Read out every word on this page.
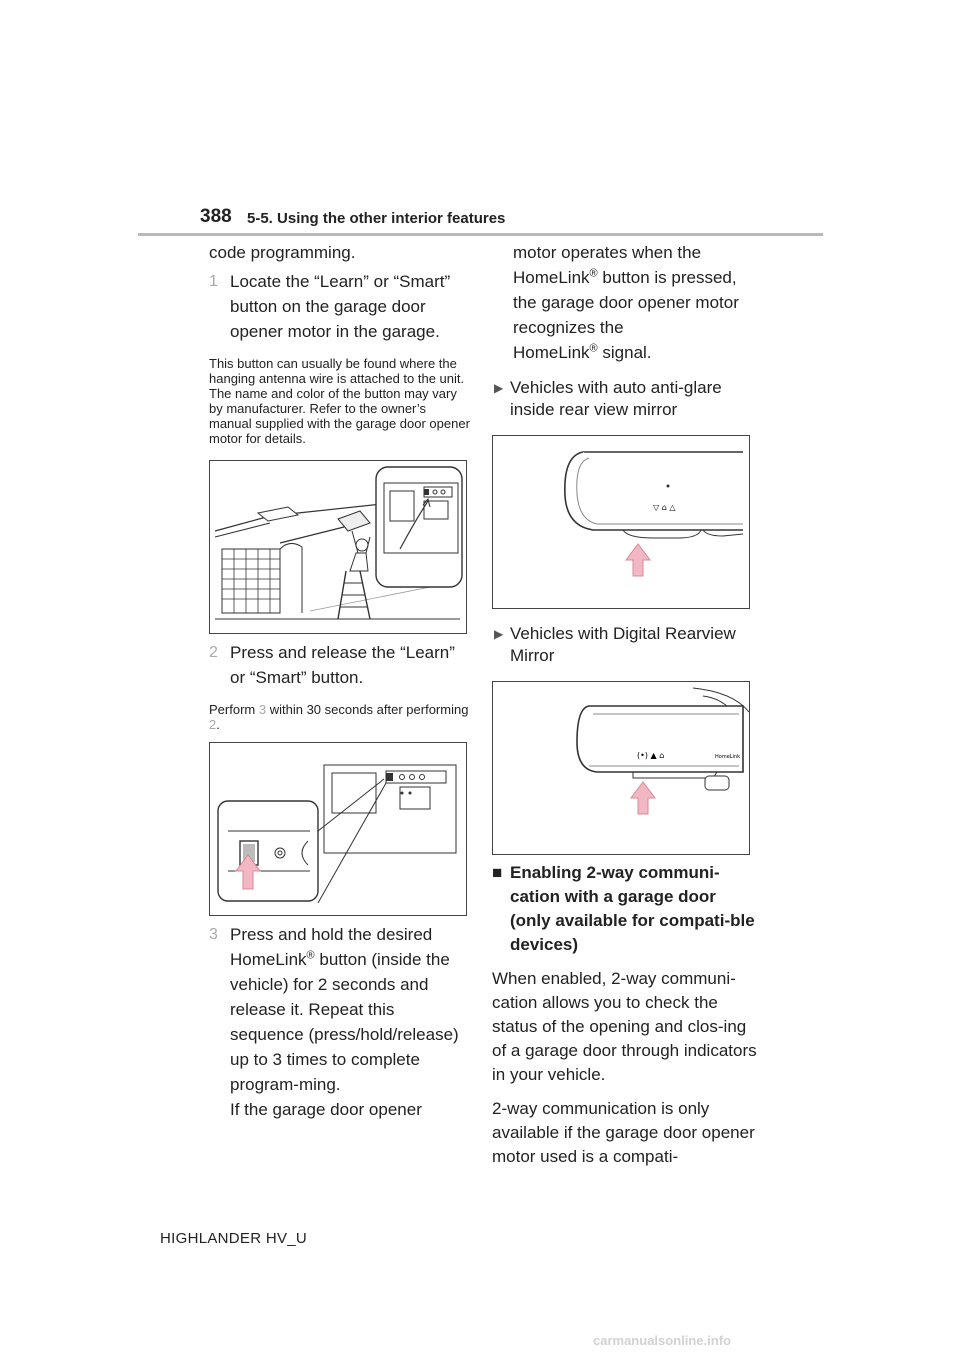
388 5-5. Using the other interior features

code programming.

1 Locate the “Learn” or “Smart” button on the garage door opener motor in the garage.

This button can usually be found where the hanging antenna wire is attached to the unit. The name and color of the button may vary by manufacturer. Refer to the owner’s manual supplied with the garage door opener motor for details.

2 Press and release the “Learn” or “Smart” button.

Perform 3 within 30 seconds after performing 2.

3 Press and hold the desired
HomeLink® button (inside the vehicle) for 2 seconds and release it. Repeat this sequence (press/hold/release) up to 3 times to complete program-ming.
If the garage door opener
motor operates when the
HomeLink® button is pressed, the garage door opener motor recognizes the
HomeLink® signal.
▶ Vehicles with auto anti-glare inside rear view mirror
▽ ⌂ △
▶ Vehicles with Digital Rearview Mirror
(•) ▲ ⌂	HomeLink
■ Enabling 2-way communi-cation with a garage door (only available for compati-ble devices)

When enabled, 2-way communi-cation allows you to check the status of the opening and clos-ing of a garage door through indicators in your vehicle.

2-way communication is only available if the garage door opener motor used is a compati-

HIGHLANDER HV_U
carmanualsonline.info
